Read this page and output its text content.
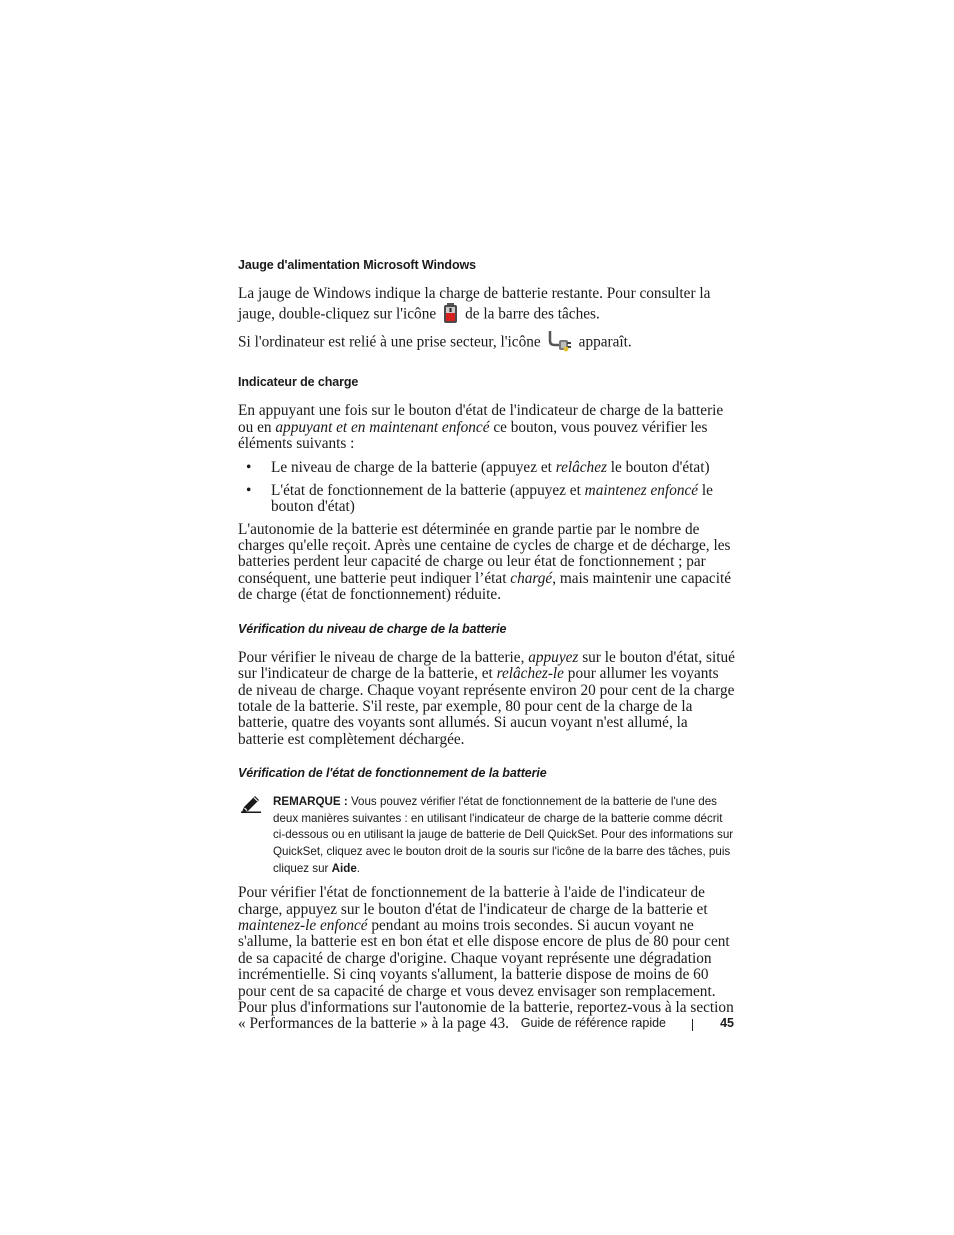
Jauge d'alimentation Microsoft Windows

La jauge de Windows indique la charge de batterie restante. Pour consulter la jauge, double-cliquez sur l'icône de la barre des tâches.

Si l'ordinateur est relié à une prise secteur, l'icône apparaît.

Indicateur de charge

En appuyant une fois sur le bouton d'état de l'indicateur de charge de la batterie ou en appuyant et en maintenant enfoncé ce bouton, vous pouvez vérifier les éléments suivants :

• Le niveau de charge de la batterie (appuyez et relâchez le bouton d'état)
• L'état de fonctionnement de la batterie (appuyez et maintenez enfoncé le bouton d'état)

L'autonomie de la batterie est déterminée en grande partie par le nombre de charges qu'elle reçoit. Après une centaine de cycles de charge et de décharge, les batteries perdent leur capacité de charge ou leur état de fonctionnement ; par conséquent, une batterie peut indiquer l’état chargé, mais maintenir une capacité de charge (état de fonctionnement) réduite.

Vérification du niveau de charge de la batterie

Pour vérifier le niveau de charge de la batterie, appuyez sur le bouton d'état, situé sur l'indicateur de charge de la batterie, et relâchez-le pour allumer les voyants de niveau de charge. Chaque voyant représente environ 20 pour cent de la charge totale de la batterie. S'il reste, par exemple, 80 pour cent de la charge de la batterie, quatre des voyants sont allumés. Si aucun voyant n'est allumé, la batterie est complètement déchargée.

Vérification de l'état de fonctionnement de la batterie

REMARQUE : Vous pouvez vérifier l'état de fonctionnement de la batterie de l'une des deux manières suivantes : en utilisant l'indicateur de charge de la batterie comme décrit ci-dessous ou en utilisant la jauge de batterie de Dell QuickSet. Pour des informations sur QuickSet, cliquez avec le bouton droit de la souris sur l'icône de la barre des tâches, puis cliquez sur Aide.

Pour vérifier l'état de fonctionnement de la batterie à l'aide de l'indicateur de charge, appuyez sur le bouton d'état de l'indicateur de charge de la batterie et maintenez-le enfoncé pendant au moins trois secondes. Si aucun voyant ne s'allume, la batterie est en bon état et elle dispose encore de plus de 80 pour cent de sa capacité de charge d'origine. Chaque voyant représente une dégradation incrémentielle. Si cinq voyants s'allument, la batterie dispose de moins de 60 pour cent de sa capacité de charge et vous devez envisager son remplacement. Pour plus d'informations sur l'autonomie de la batterie, reportez-vous à la section « Performances de la batterie » à la page 43. Guide de référence rapide	45
